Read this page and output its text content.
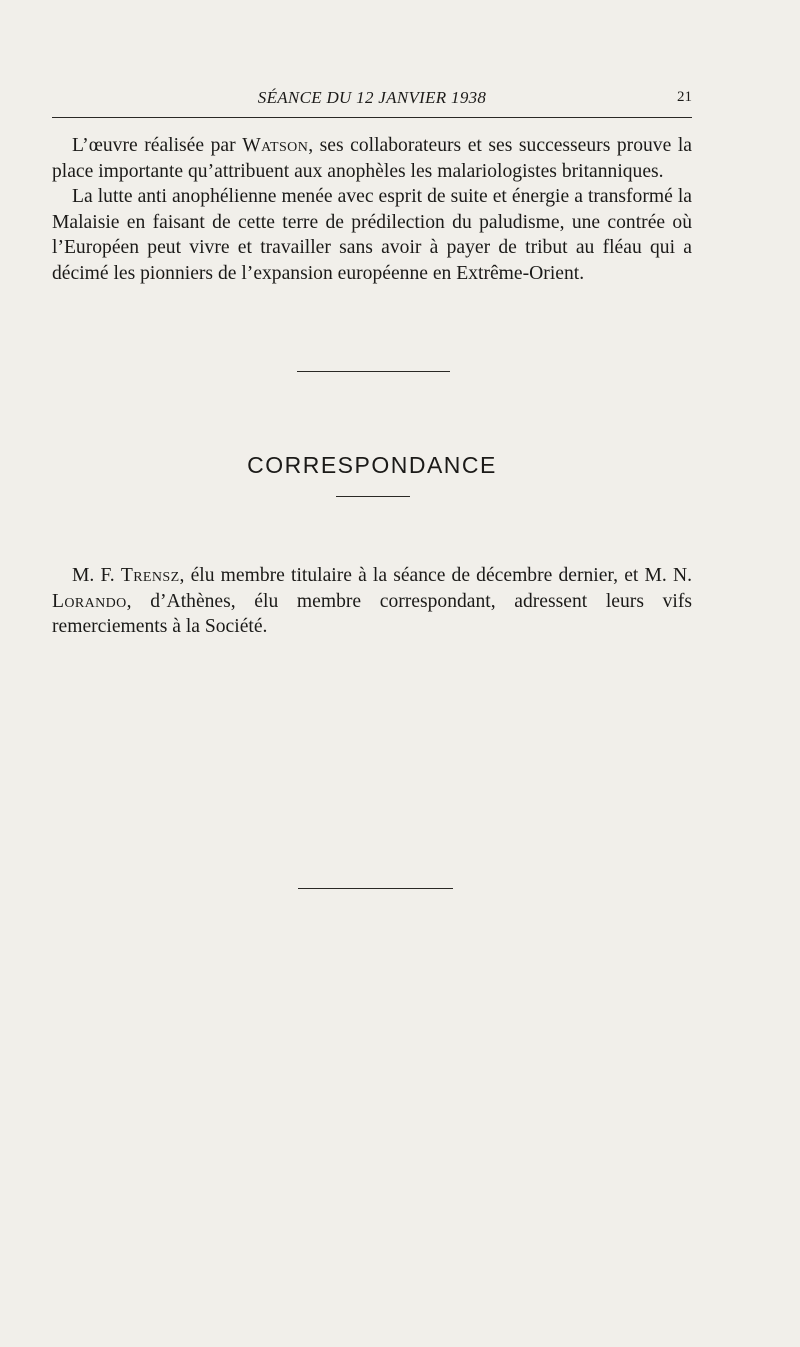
SÉANCE DU 12 JANVIER 1938	21

L’œuvre réalisée par Watson, ses collaborateurs et ses successeurs prouve la place importante qu’attribuent aux anophèles les malariologistes britanniques.

La lutte anti anophélienne menée avec esprit de suite et énergie a transformé la Malaisie en faisant de cette terre de prédilection du paludisme, une contrée où l’Européen peut vivre et travailler sans avoir à payer de tribut au fléau qui a décimé les pionniers de l’expansion européenne en Extrême-Orient.

CORRESPONDANCE

M. F. Trensz, élu membre titulaire à la séance de décembre dernier, et M. N. Lorando, d’Athènes, élu membre correspondant, adressent leurs vifs remerciements à la Société.
